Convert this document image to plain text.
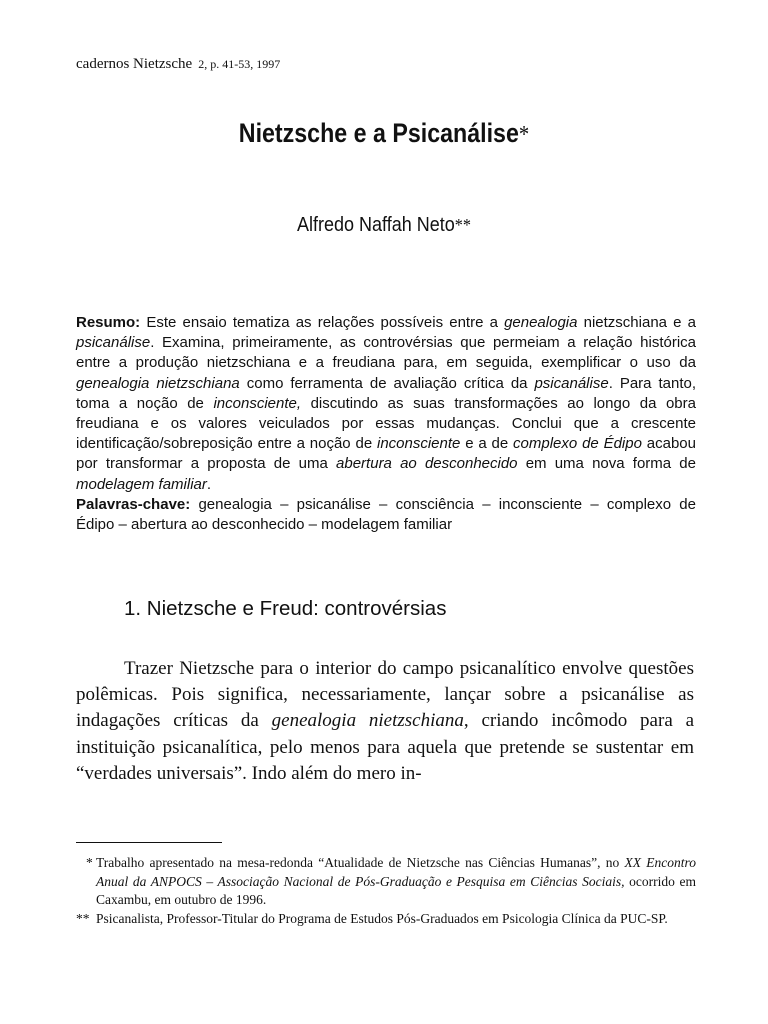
cadernos Nietzsche 2, p. 41-53, 1997
Nietzsche e a Psicanálise*
Alfredo Naffah Neto**

Resumo: Este ensaio tematiza as relações possíveis entre a genealogia nietzschiana e a psicanálise. Examina, primeiramente, as controvérsias que permeiam a relação histórica entre a produção nietzschiana e a freudiana para, em seguida, exemplificar o uso da genealogia nietzschiana como ferramenta de avaliação crítica da psicanálise. Para tanto, toma a noção de inconsciente, discutindo as suas transformações ao longo da obra freudiana e os valores veiculados por essas mudanças. Conclui que a crescente identificação/sobreposição entre a noção de inconsciente e a de complexo de Édipo acabou por transformar a proposta de uma abertura ao desconhecido em uma nova forma de modelagem familiar.

Palavras-chave: genealogia – psicanálise – consciência – inconsciente – complexo de Édipo – abertura ao desconhecido – modelagem familiar

1. Nietzsche e Freud: controvérsias

Trazer Nietzsche para o interior do campo psicanalítico envolve questões polêmicas. Pois significa, necessariamente, lançar sobre a psicanálise as indagações críticas da genealogia nietzschiana, criando incômodo para a instituição psicanalítica, pelo menos para aquela que pretende se sustentar em “verdades universais”. Indo além do mero in-

* Trabalho apresentado na mesa-redonda “Atualidade de Nietzsche nas Ciências Humanas”, no XX Encontro Anual da ANPOCS – Associação Nacional de Pós-Graduação e Pesquisa em Ciências Sociais, ocorrido em Caxambu, em outubro de 1996.
** Psicanalista, Professor-Titular do Programa de Estudos Pós-Graduados em Psicologia Clínica da PUC-SP.
